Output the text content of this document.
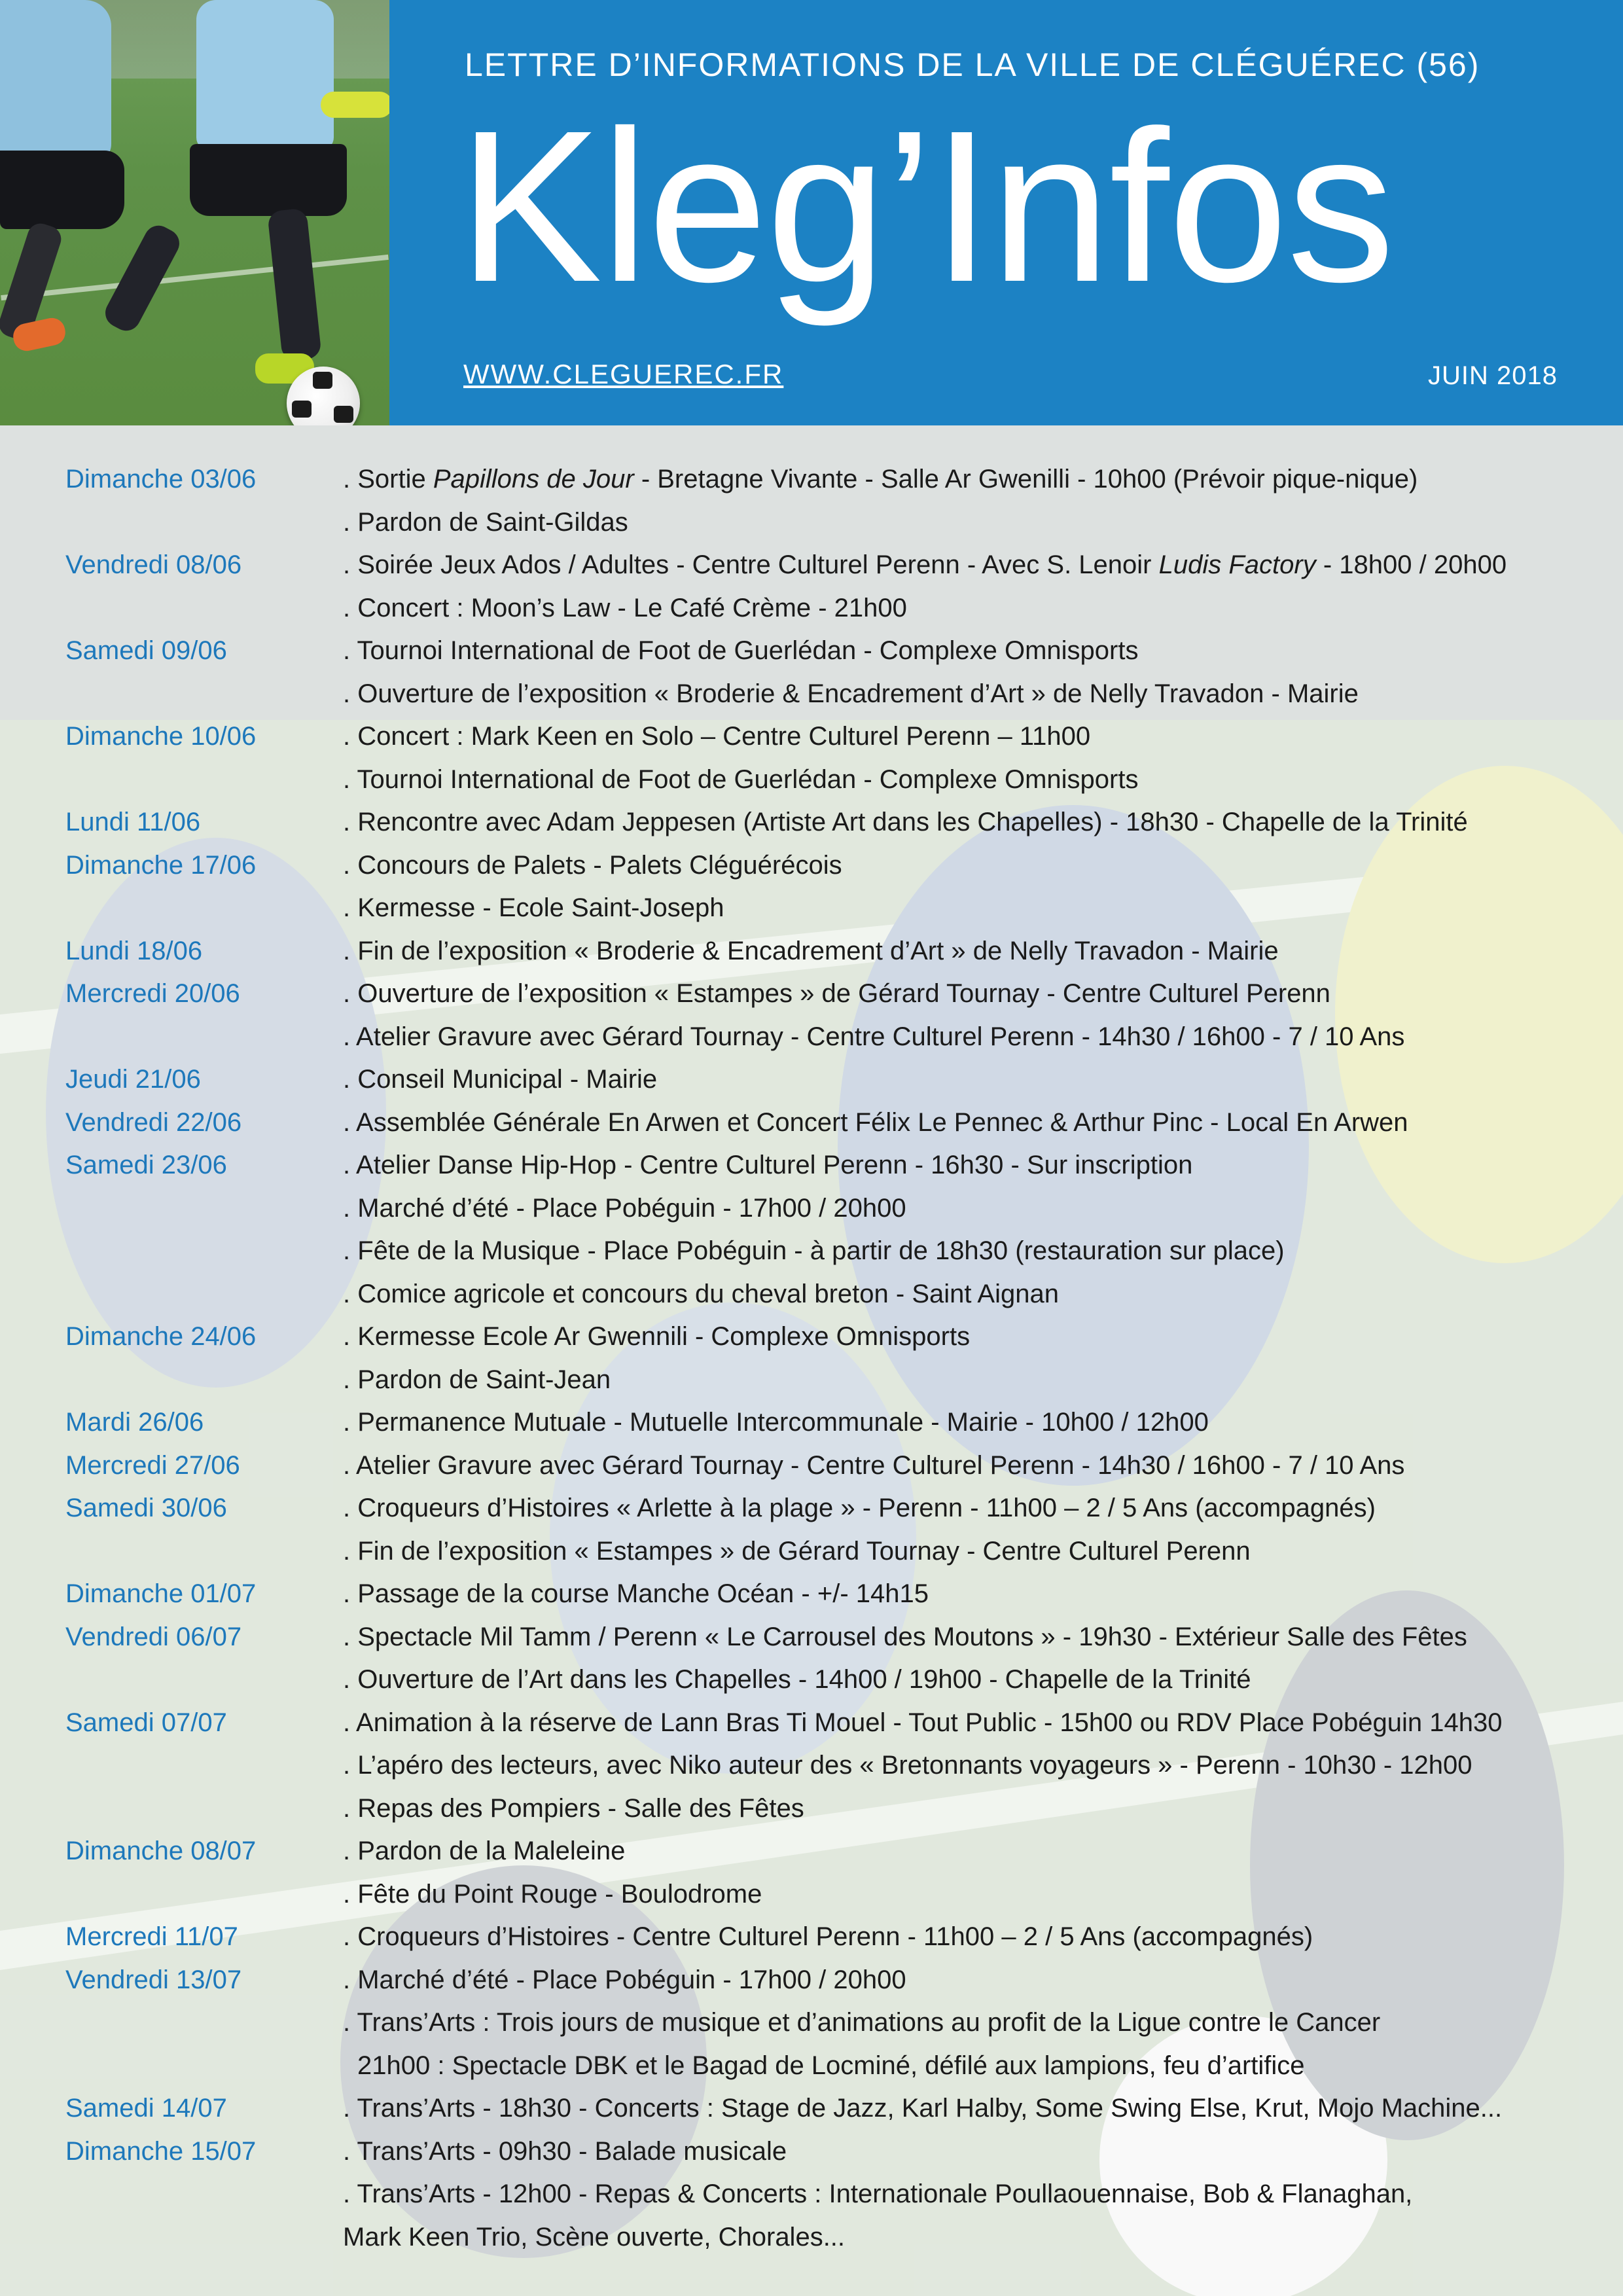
LETTRE D’INFORMATIONS DE LA VILLE DE CLÉGUÉREC (56)
Kleg’Infos
WWW.CLEGUEREC.FR	JUIN 2018
Dimanche 03/06	. Sortie Papillons de Jour - Bretagne Vivante - Salle Ar Gwenilli - 10h00 (Prévoir pique-nique)
. Pardon de Saint-Gildas
Vendredi 08/06	. Soirée Jeux Ados / Adultes - Centre Culturel Perenn - Avec S. Lenoir Ludis Factory - 18h00 / 20h00
. Concert : Moon’s Law - Le Café Crème - 21h00
Samedi 09/06	. Tournoi International de Foot de Guerlédan - Complexe Omnisports
. Ouverture de l’exposition « Broderie & Encadrement d’Art » de Nelly Travadon - Mairie
Dimanche 10/06	. Concert : Mark Keen en Solo – Centre Culturel Perenn – 11h00
. Tournoi International de Foot de Guerlédan - Complexe Omnisports
Lundi 11/06	. Rencontre avec Adam Jeppesen (Artiste Art dans les Chapelles) - 18h30 - Chapelle de la Trinité
Dimanche 17/06	. Concours de Palets - Palets Cléguérécois
. Kermesse - Ecole Saint-Joseph
Lundi 18/06	. Fin de l’exposition « Broderie & Encadrement d’Art » de Nelly Travadon - Mairie
Mercredi 20/06	. Ouverture de l’exposition « Estampes » de Gérard Tournay - Centre Culturel Perenn
. Atelier Gravure avec Gérard Tournay - Centre Culturel Perenn - 14h30 / 16h00 - 7 / 10 Ans
Jeudi 21/06	. Conseil Municipal - Mairie
Vendredi 22/06	. Assemblée Générale En Arwen et Concert Félix Le Pennec & Arthur Pinc - Local En Arwen
Samedi 23/06	. Atelier Danse Hip-Hop - Centre Culturel Perenn - 16h30 - Sur inscription
. Marché d’été - Place Pobéguin - 17h00 / 20h00
. Fête de la Musique - Place Pobéguin - à partir de 18h30 (restauration sur place)
. Comice agricole et concours du cheval breton - Saint Aignan
Dimanche 24/06	. Kermesse Ecole Ar Gwennili - Complexe Omnisports
. Pardon de Saint-Jean
Mardi 26/06	. Permanence Mutuale - Mutuelle Intercommunale - Mairie - 10h00 / 12h00
Mercredi 27/06	. Atelier Gravure avec Gérard Tournay - Centre Culturel Perenn - 14h30 / 16h00 - 7 / 10 Ans
Samedi 30/06	. Croqueurs d’Histoires « Arlette à la plage » - Perenn - 11h00 – 2 / 5 Ans (accompagnés)
. Fin de l’exposition « Estampes » de Gérard Tournay - Centre Culturel Perenn
Dimanche 01/07	. Passage de la course Manche Océan - +/- 14h15
Vendredi 06/07	. Spectacle Mil Tamm / Perenn « Le Carrousel des Moutons » - 19h30 - Extérieur Salle des Fêtes
. Ouverture de l’Art dans les Chapelles - 14h00 / 19h00 - Chapelle de la Trinité
Samedi 07/07	. Animation à la réserve de Lann Bras Ti Mouel - Tout Public - 15h00 ou RDV Place Pobéguin 14h30
. L’apéro des lecteurs, avec Niko auteur des « Bretonnants voyageurs » - Perenn - 10h30 - 12h00
. Repas des Pompiers - Salle des Fêtes
Dimanche 08/07	. Pardon de la Maleleine
. Fête du Point Rouge - Boulodrome
Mercredi 11/07	. Croqueurs d’Histoires - Centre Culturel Perenn - 11h00 – 2 / 5 Ans (accompagnés)
Vendredi 13/07	. Marché d’été - Place Pobéguin - 17h00 / 20h00
. Trans’Arts : Trois jours de musique et d’animations au profit de la Ligue contre le Cancer
21h00 : Spectacle DBK et le Bagad de Locminé, défilé aux lampions, feu d’artifice
Samedi 14/07	. Trans’Arts - 18h30 - Concerts : Stage de Jazz, Karl Halby, Some Swing Else, Krut, Mojo Machine...
Dimanche 15/07	. Trans’Arts - 09h30 - Balade musicale
. Trans’Arts - 12h00 - Repas & Concerts : Internationale Poullaouennaise, Bob & Flanaghan,
Mark Keen Trio, Scène ouverte, Chorales...
